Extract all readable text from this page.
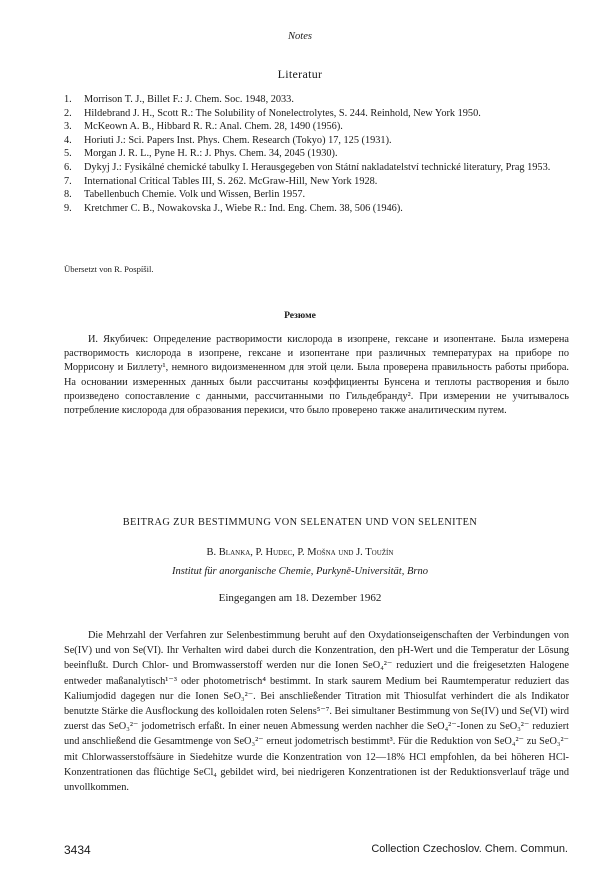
Notes
Literatur
1. Morrison T. J., Billet F.: J. Chem. Soc. 1948, 2033.
2. Hildebrand J. H., Scott R.: The Solubility of Nonelectrolytes, S. 244. Reinhold, New York 1950.
3. McKeown A. B., Hibbard R. R.: Anal. Chem. 28, 1490 (1956).
4. Horiuti J.: Sci. Papers Inst. Phys. Chem. Research (Tokyo) 17, 125 (1931).
5. Morgan J. R. L., Pyne H. R.: J. Phys. Chem. 34, 2045 (1930).
6. Dykyj J.: Fysikálné chemické tabulky I. Herausgegeben von Státní nakladatelství technické literatury, Prag 1953.
7. International Critical Tables III, S. 262. McGraw-Hill, New York 1928.
8. Tabellenbuch Chemie. Volk und Wissen, Berlin 1957.
9. Kretchmer C. B., Nowakovska J., Wiebe R.: Ind. Eng. Chem. 38, 506 (1946).
Übersetzt von R. Pospíšil.
Резюме

И. Якубичек: Определение растворимости кислорода в изопрене, гексане и изопентане. Была измерена растворимость кислорода в изопрене, гексане и изопентане при различных температурах на приборе по Моррисону и Биллету¹, немного видоизмененном для этой цели. Была проверена правильность работы прибора. На основании измеренных данных были рассчитаны коэффициенты Бунсена и теплоты растворения и было произведено сопоставление с данными, рассчитанными по Гильдебранду². При измерении не учитывалось потребление кислорода для образования перекиси, что было проверено также аналитическим путем.

BEITRAG ZUR BESTIMMUNG VON SELENATEN UND VON SELENITEN
B. Blanka, P. Hudec, P. Mošna und J. Toužín
Institut für anorganische Chemie, Purkyně-Universität, Brno
Eingegangen am 18. Dezember 1962

Die Mehrzahl der Verfahren zur Selenbestimmung beruht auf den Oxydationseigenschaften der Verbindungen von Se(IV) und von Se(VI). Ihr Verhalten wird dabei durch die Konzentration, den pH-Wert und die Temperatur der Lösung beeinflußt. Durch Chlor- und Bromwasserstoff werden nur die Ionen SeO₄²⁻ reduziert und die freigesetzten Halogene entweder maßanalytisch¹⁻³ oder photometrisch⁴ bestimmt. In stark saurem Medium bei Raumtemperatur reduziert das Kaliumjodid dagegen nur die Ionen SeO₃²⁻. Bei anschließender Titration mit Thiosulfat verhindert die als Indikator benutzte Stärke die Ausflockung des kolloidalen roten Selens⁵⁻⁷. Bei simultaner Bestimmung von Se(IV) und Se(VI) wird zuerst das SeO₃²⁻ jodometrisch erfaßt. In einer neuen Abmessung werden nachher die SeO₄²⁻-Ionen zu SeO₃²⁻ reduziert und anschließend die Gesamtmenge von SeO₃²⁻ erneut jodometrisch bestimmt³. Für die Reduktion von SeO₄²⁻ zu SeO₃²⁻ mit Chlorwasserstoffsäure in Siedehitze wurde die Konzentration von 12—18% HCl empfohlen, da bei höheren HCl-Konzentrationen das flüchtige SeCl₄ gebildet wird, bei niedrigeren Konzentrationen ist der Reduktionsverlauf träge und unvollkommen.

3434	Collection Czechoslov. Chem. Commun.
